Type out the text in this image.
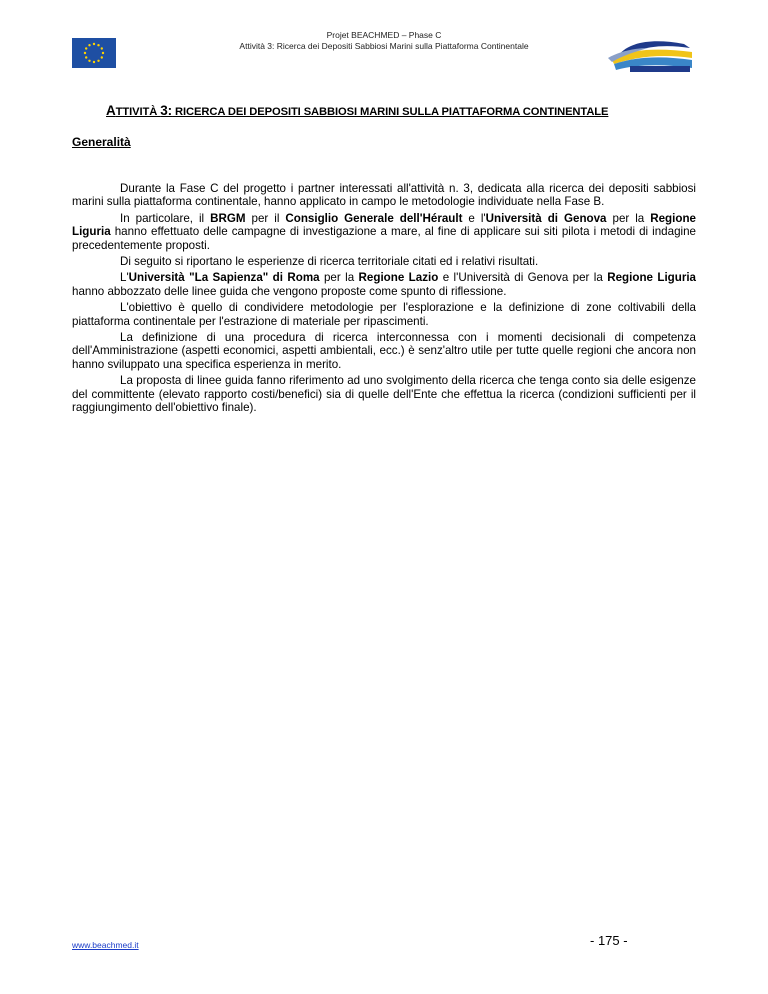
Projet BEACHMED – Phase C
Attività 3: Ricerca dei Depositi Sabbiosi Marini sulla Piattaforma Continentale
ATTIVITÀ 3: RICERCA DEI DEPOSITI SABBIOSI MARINI SULLA PIATTAFORMA CONTINENTALE
Generalità

Durante la Fase C del progetto i partner interessati all'attività n. 3, dedicata alla ricerca dei depositi sabbiosi marini sulla piattaforma continentale, hanno applicato in campo le metodologie individuate nella Fase B.

In particolare, il BRGM per il Consiglio Generale dell'Hérault e l'Università di Genova per la Regione Liguria hanno effettuato delle campagne di investigazione a mare, al fine di applicare sui siti pilota i metodi di indagine precedentemente proposti.

Di seguito si riportano le esperienze di ricerca territoriale citati ed i relativi risultati.

L'Università "La Sapienza" di Roma per la Regione Lazio e l'Università di Genova per la Regione Liguria hanno abbozzato delle linee guida che vengono proposte come spunto di riflessione.

L'obiettivo è quello di condividere metodologie per l'esplorazione e la definizione di zone coltivabili della piattaforma continentale per l'estrazione di materiale per ripascimenti.

La definizione di una procedura di ricerca interconnessa con i momenti decisionali di competenza dell'Amministrazione (aspetti economici, aspetti ambientali, ecc.) è senz'altro utile per tutte quelle regioni che ancora non hanno sviluppato una specifica esperienza in merito.

La proposta di linee guida fanno riferimento ad uno svolgimento della ricerca che tenga conto sia delle esigenze del committente (elevato rapporto costi/benefici) sia di quelle dell'Ente che effettua la ricerca (condizioni sufficienti per il raggiungimento dell'obiettivo finale).

www.beachmed.it	- 175 -
